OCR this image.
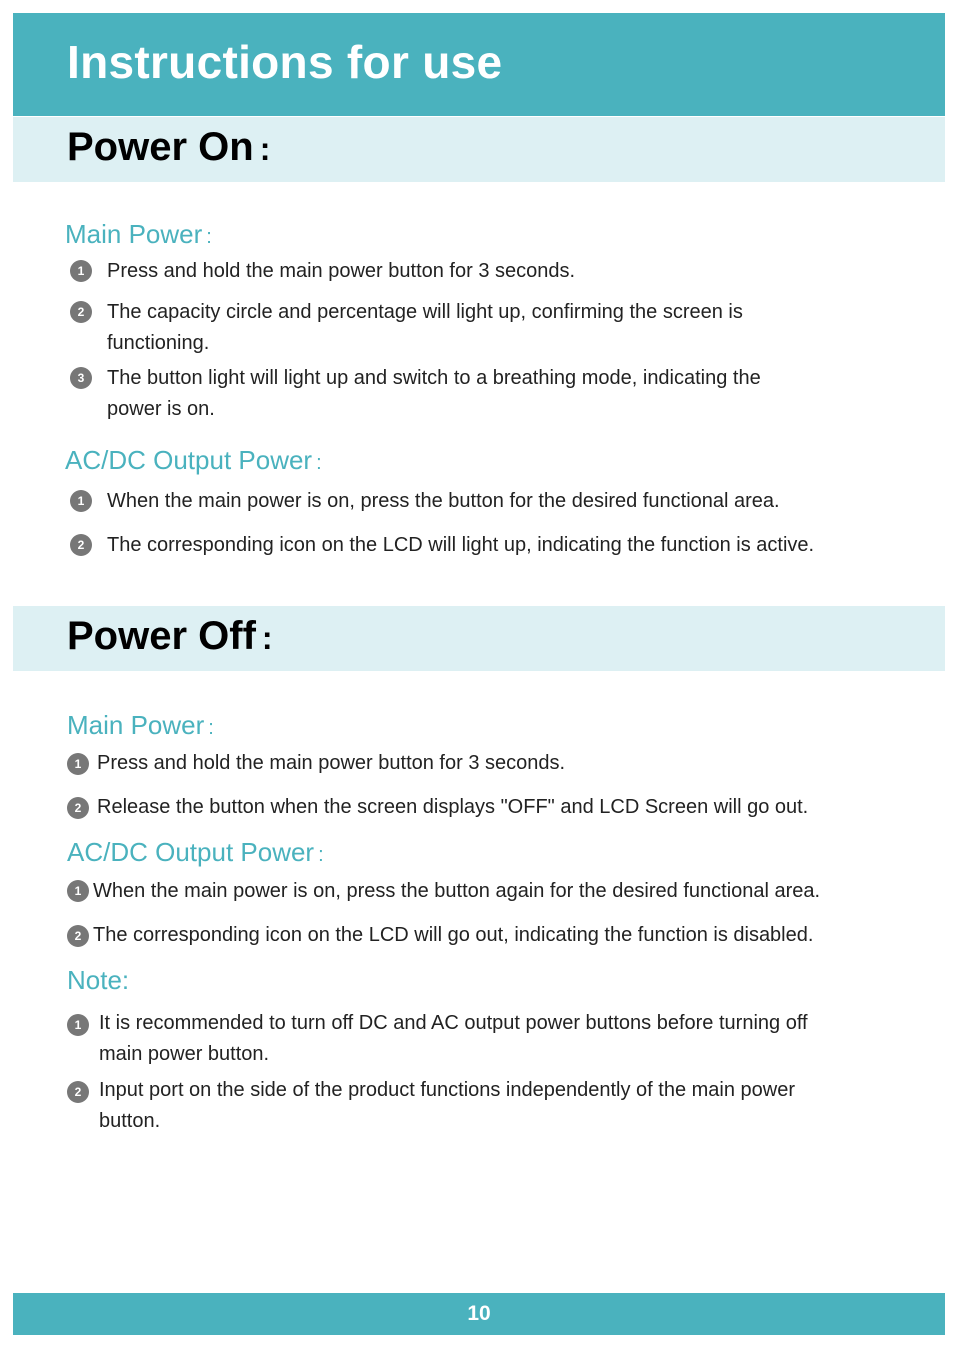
Instructions for use
Power On :
Main Power :
1	Press and hold the main power button for 3 seconds.
2	The capacity circle and percentage will light up, confirming the screen is
functioning.
3	The button light will light up and switch to a breathing mode, indicating the
power is on.
AC/DC Output Power :
1	When the main power is on, press the button for the desired functional area.
2	The corresponding icon on the LCD will light up, indicating the function is active.
Power Off :
Main Power :
1 Press and hold the main power button for 3 seconds.
2 Release the button when the screen displays "OFF" and LCD Screen will go out.
AC/DC Output Power :
1 When the main power is on, press the button again for the desired functional area.
2 The corresponding icon on the LCD will go out, indicating the function is disabled.
Note:
1 It is recommended to turn off DC and AC output power buttons before turning off
main power button.
2 Input port on the side of the product functions independently of the main power
button.
10
